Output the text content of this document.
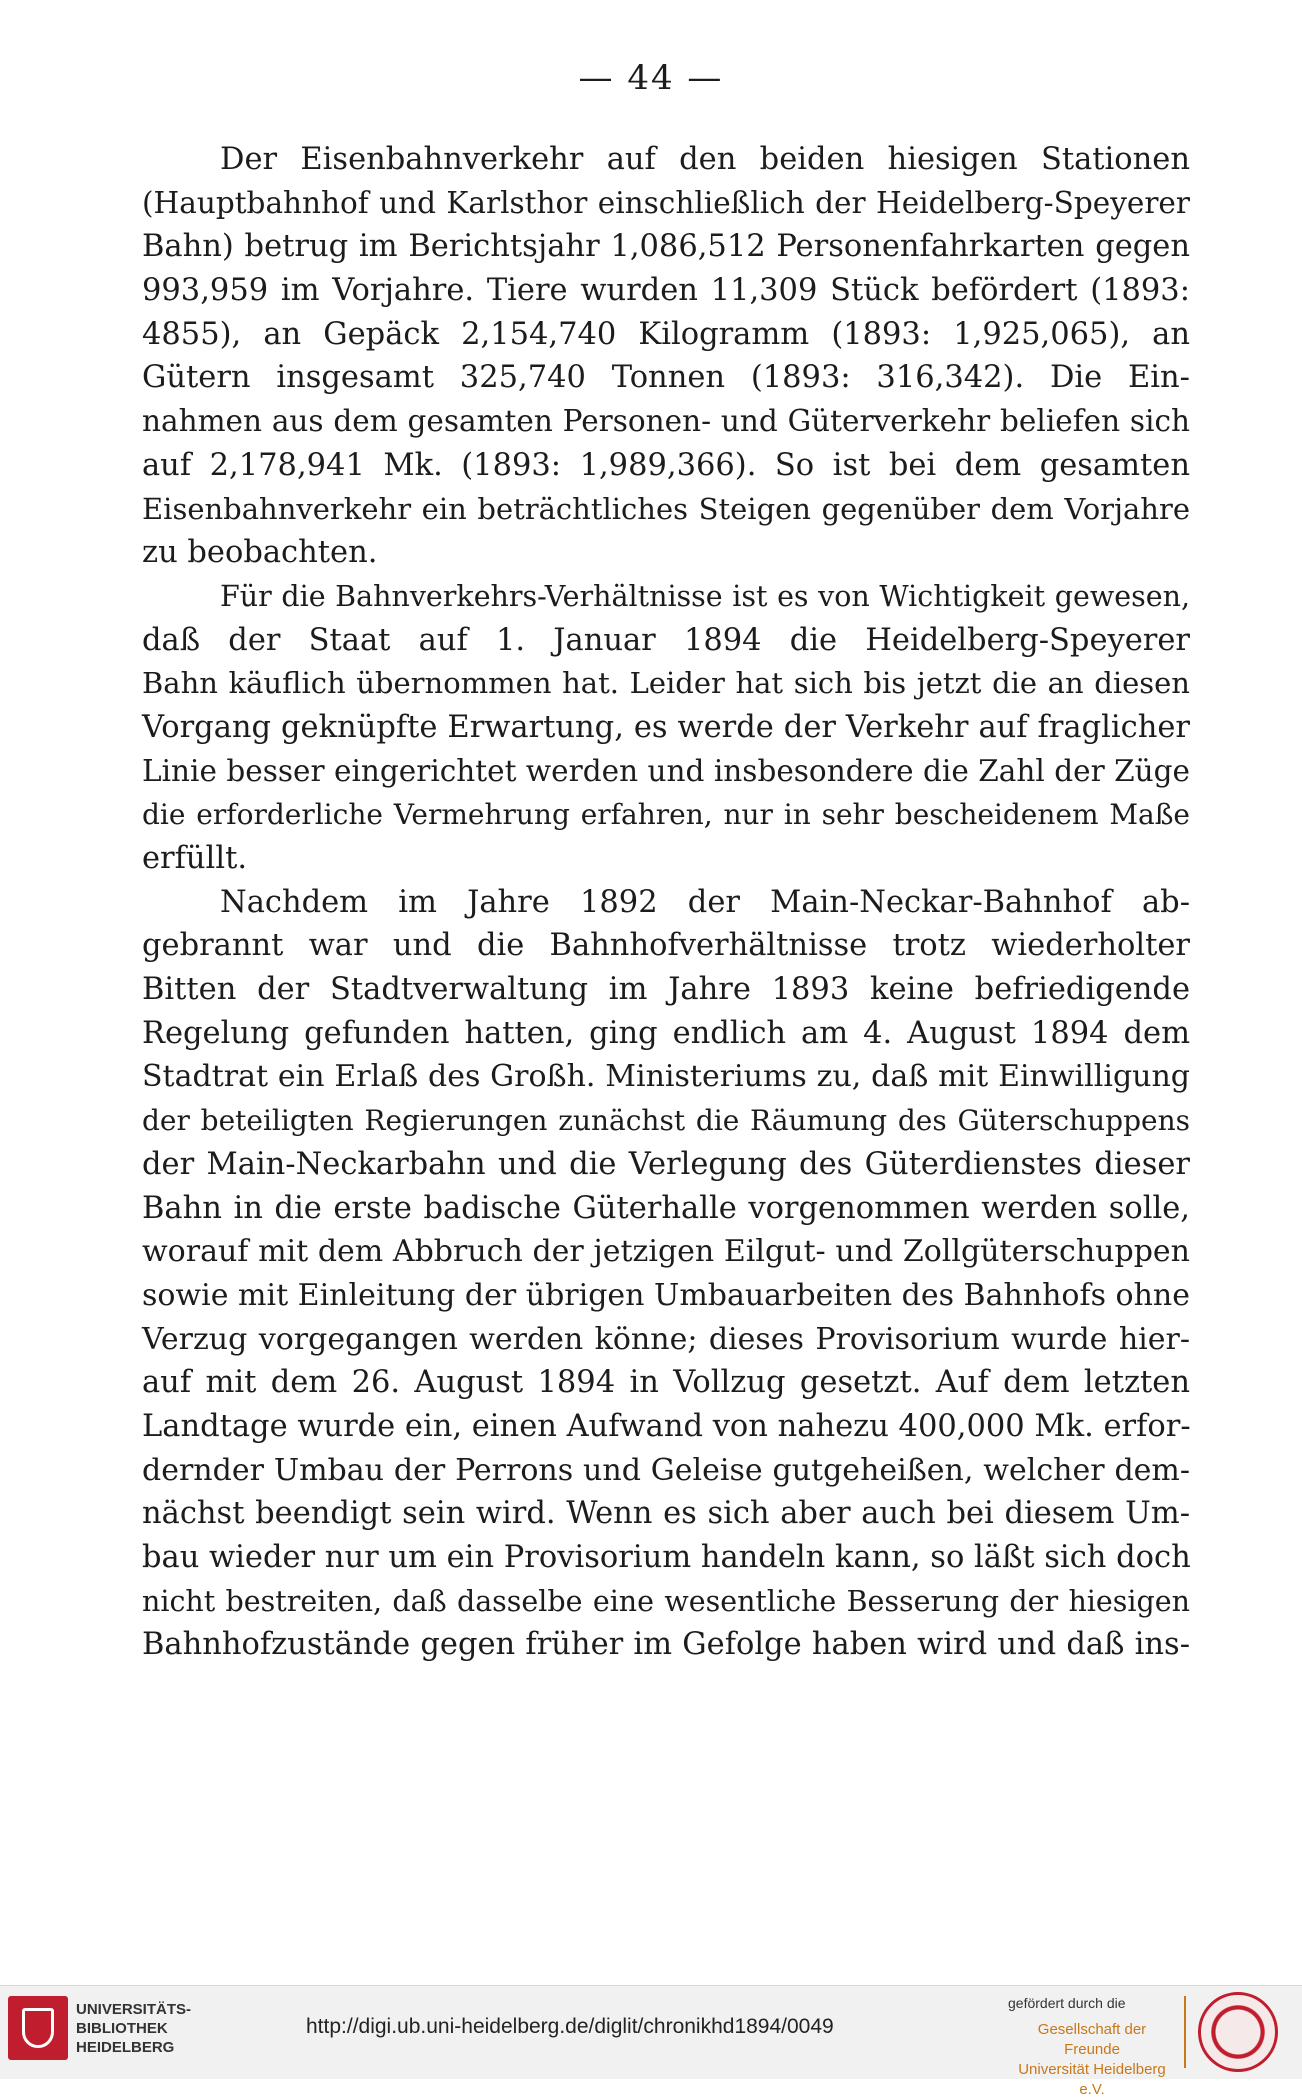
— 44 —
Der Eisenbahnverkehr auf den beiden hiesigen Stationen
(Hauptbahnhof und Karlsthor einschließlich der Heidelberg-Speyerer
Bahn) betrug im Berichtsjahr 1,086,512 Personenfahrkarten gegen
993,959 im Vorjahre. Tiere wurden 11,309 Stück befördert (1893:
4855), an Gepäck 2,154,740 Kilogramm (1893: 1,925,065), an
Gütern insgesamt 325,740 Tonnen (1893: 316,342). Die Ein-
nahmen aus dem gesamten Personen- und Güterverkehr beliefen sich
auf 2,178,941 Mk. (1893: 1,989,366). So ist bei dem gesamten
Eisenbahnverkehr ein beträchtliches Steigen gegenüber dem Vorjahre
zu beobachten.
Für die Bahnverkehrs-Verhältnisse ist es von Wichtigkeit gewesen,
daß der Staat auf 1. Januar 1894 die Heidelberg-Speyerer
Bahn käuflich übernommen hat. Leider hat sich bis jetzt die an diesen
Vorgang geknüpfte Erwartung, es werde der Verkehr auf fraglicher
Linie besser eingerichtet werden und insbesondere die Zahl der Züge
die erforderliche Vermehrung erfahren, nur in sehr bescheidenem Maße
erfüllt.
Nachdem im Jahre 1892 der Main-Neckar-Bahnhof ab-
gebrannt war und die Bahnhofverhältnisse trotz wiederholter
Bitten der Stadtverwaltung im Jahre 1893 keine befriedigende
Regelung gefunden hatten, ging endlich am 4. August 1894 dem
Stadtrat ein Erlaß des Großh. Ministeriums zu, daß mit Einwilligung
der beteiligten Regierungen zunächst die Räumung des Güterschuppens
der Main-Neckarbahn und die Verlegung des Güterdienstes dieser
Bahn in die erste badische Güterhalle vorgenommen werden solle,
worauf mit dem Abbruch der jetzigen Eilgut- und Zollgüterschuppen
sowie mit Einleitung der übrigen Umbauarbeiten des Bahnhofs ohne
Verzug vorgegangen werden könne; dieses Provisorium wurde hier-
auf mit dem 26. August 1894 in Vollzug gesetzt. Auf dem letzten
Landtage wurde ein, einen Aufwand von nahezu 400,000 Mk. erfor-
dernder Umbau der Perrons und Geleise gutgeheißen, welcher dem-
nächst beendigt sein wird. Wenn es sich aber auch bei diesem Um-
bau wieder nur um ein Provisorium handeln kann, so läßt sich doch
nicht bestreiten, daß dasselbe eine wesentliche Besserung der hiesigen
Bahnhofzustände gegen früher im Gefolge haben wird und daß ins-
UNIVERSITÄTS-
BIBLIOTHEK
HEIDELBERG
http://digi.ub.uni-heidelberg.de/diglit/chronikhd1894/0049
gefördert durch die
Gesellschaft der Freunde
Universität Heidelberg e.V.
